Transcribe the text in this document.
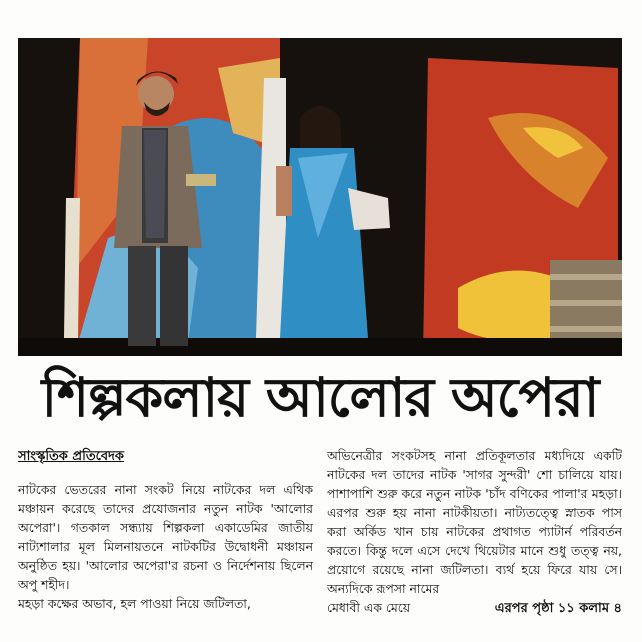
শিল্পকলায় আলোর অপেরা
সাংস্কৃতিক প্রতিবেদক

নাটকের ভেতরের নানা সংকট নিয়ে নাটকের দল এথিক মঞ্চায়ন করেছে তাদের প্রযোজনার নতুন নাটক 'আলোর অপেরা'। গতকাল সন্ধ্যায় শিল্পকলা একাডেমির জাতীয় নাট্যশালার মূল মিলনায়তনে নাটকটির উদ্বোধনী মঞ্চায়ন অনুষ্ঠিত হয়। 'আলোর অপেরা'র রচনা ও নির্দেশনায় ছিলেন অপু শহীদ।

মহড়া কক্ষের অভাব, হল পাওয়া নিয়ে জটিলতা,

অভিনেত্রীর সংকটসহ নানা প্রতিকূলতার মধ্যদিয়ে একটি নাটকের দল তাদের নাটক 'সাগর সুন্দরী' শো চালিয়ে যায়। পাশাপাশি শুরু করে নতুন নাটক 'চাঁদ বণিকের পালা'র মহড়া। এরপর শুরু হয় নানা নাটকীয়তা। নাট্যতত্ত্বে স্নাতক পাস করা অর্কিড খান চায় নাটকের প্রথাগত প্যাটার্ন পরিবর্তন করতে। কিন্তু দলে এসে দেখে থিয়েটার মানে শুধু তত্ত্ব নয়, প্রয়োগে রয়েছে নানা জটিলতা। ব্যর্থ হয়ে ফিরে যায় সে। অন্যদিকে রূপসা নামের

মেধাবী এক মেয়ে	এরপর পৃষ্ঠা ১১ কলাম ৪
